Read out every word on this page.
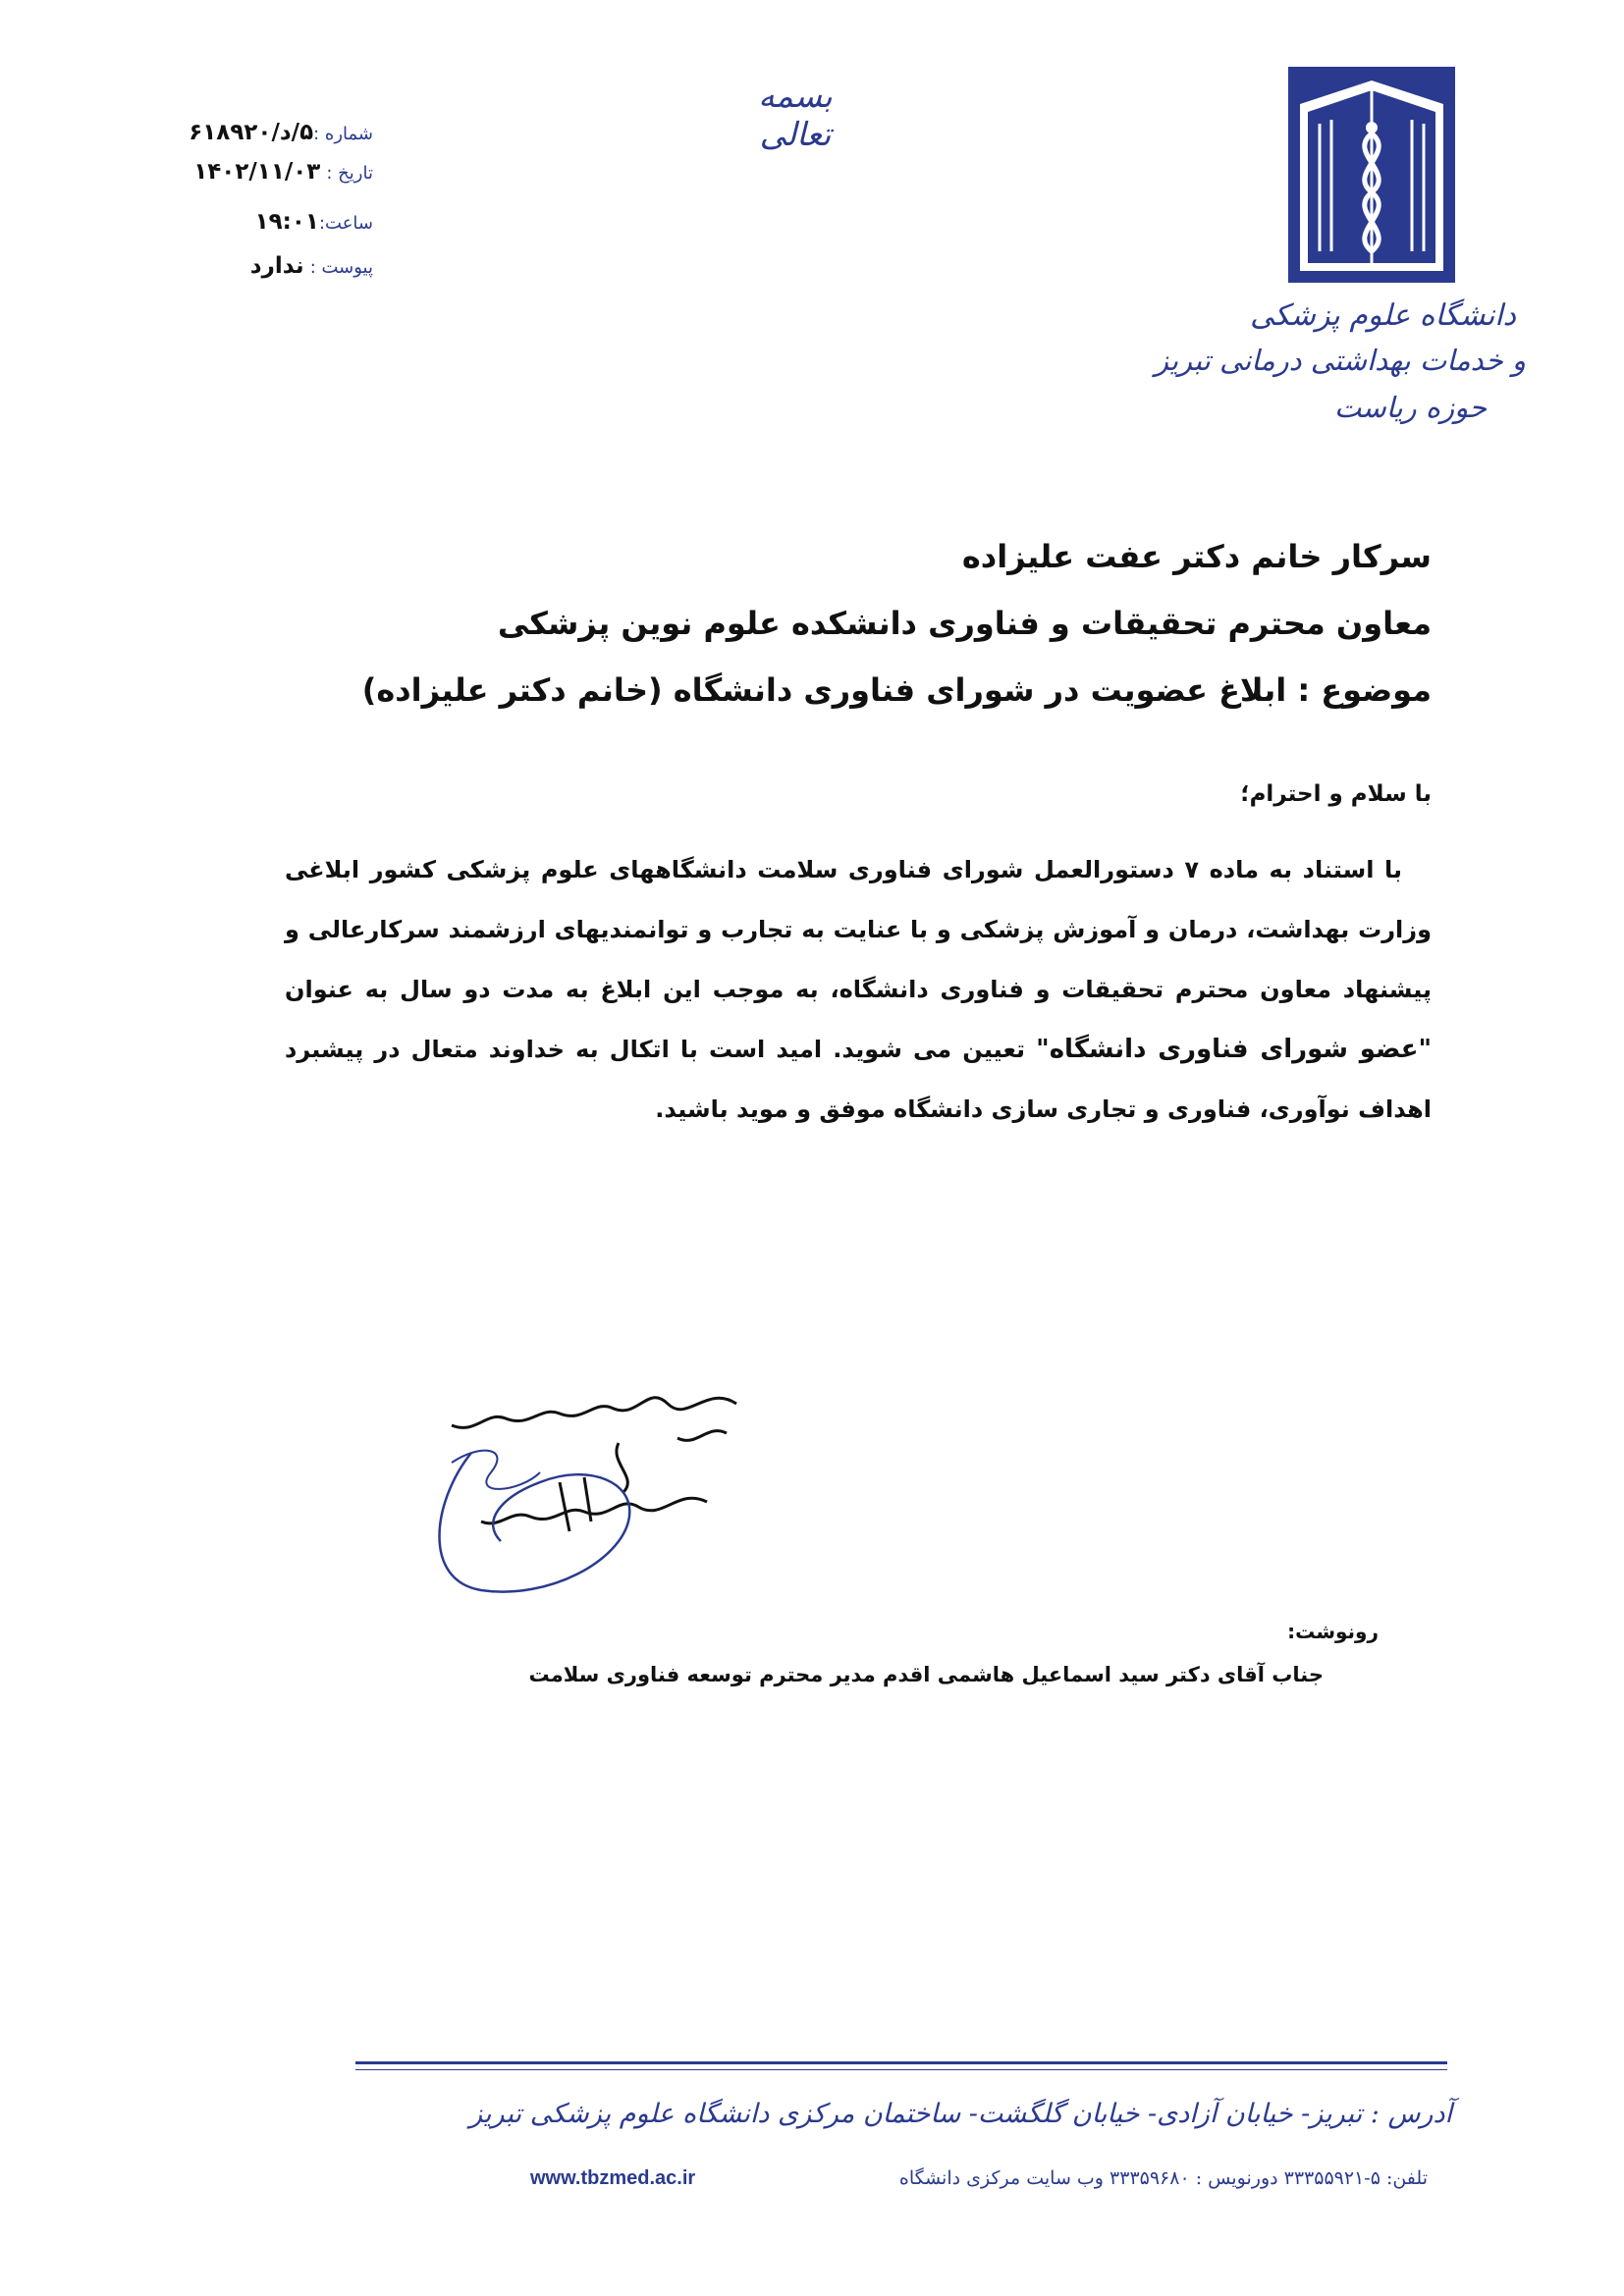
بسمه تعالی
شماره :۵/د/۶۱۸۹۲۰
تاریخ : ۱۴۰۲/۱۱/۰۳
ساعت:۱۹:۰۱
پیوست : ندارد
دانشگاه علوم پزشکی
و خدمات بهداشتی درمانی تبریز
حوزه ریاست
سرکار خانم دکتر عفت علیزاده
معاون محترم تحقیقات و فناوری دانشکده علوم نوین پزشکی
موضوع : ابلاغ عضویت در شورای فناوری دانشگاه (خانم دکتر علیزاده)
با سلام و احترام؛
با استناد به ماده ۷ دستورالعمل شورای فناوری سلامت دانشگاههای علوم پزشکی کشور ابلاغی وزارت بهداشت، درمان و آموزش پزشکی و با عنایت به تجارب و توانمندیهای ارزشمند سرکارعالی و پیشنهاد معاون محترم تحقیقات و فناوری دانشگاه، به موجب این ابلاغ به مدت دو سال به عنوان "عضو شورای فناوری دانشگاه" تعیین می شوید. امید است با اتکال به خداوند متعال در پیشبرد اهداف نوآوری، فناوری و تجاری سازی دانشگاه موفق و موید باشید.
رونوشت:
جناب آقای دکتر سید اسماعیل هاشمی اقدم مدیر محترم توسعه فناوری سلامت
آدرس : تبریز- خیابان آزادی- خیابان گلگشت- ساختمان مرکزی دانشگاه علوم پزشکی تبریز
تلفن: ۵-۳۳۳۵۵۹۲۱ دورنویس : ۳۳۳۵۹۶۸۰ وب سایت مرکزی دانشگاه
www.tbzmed.ac.ir
